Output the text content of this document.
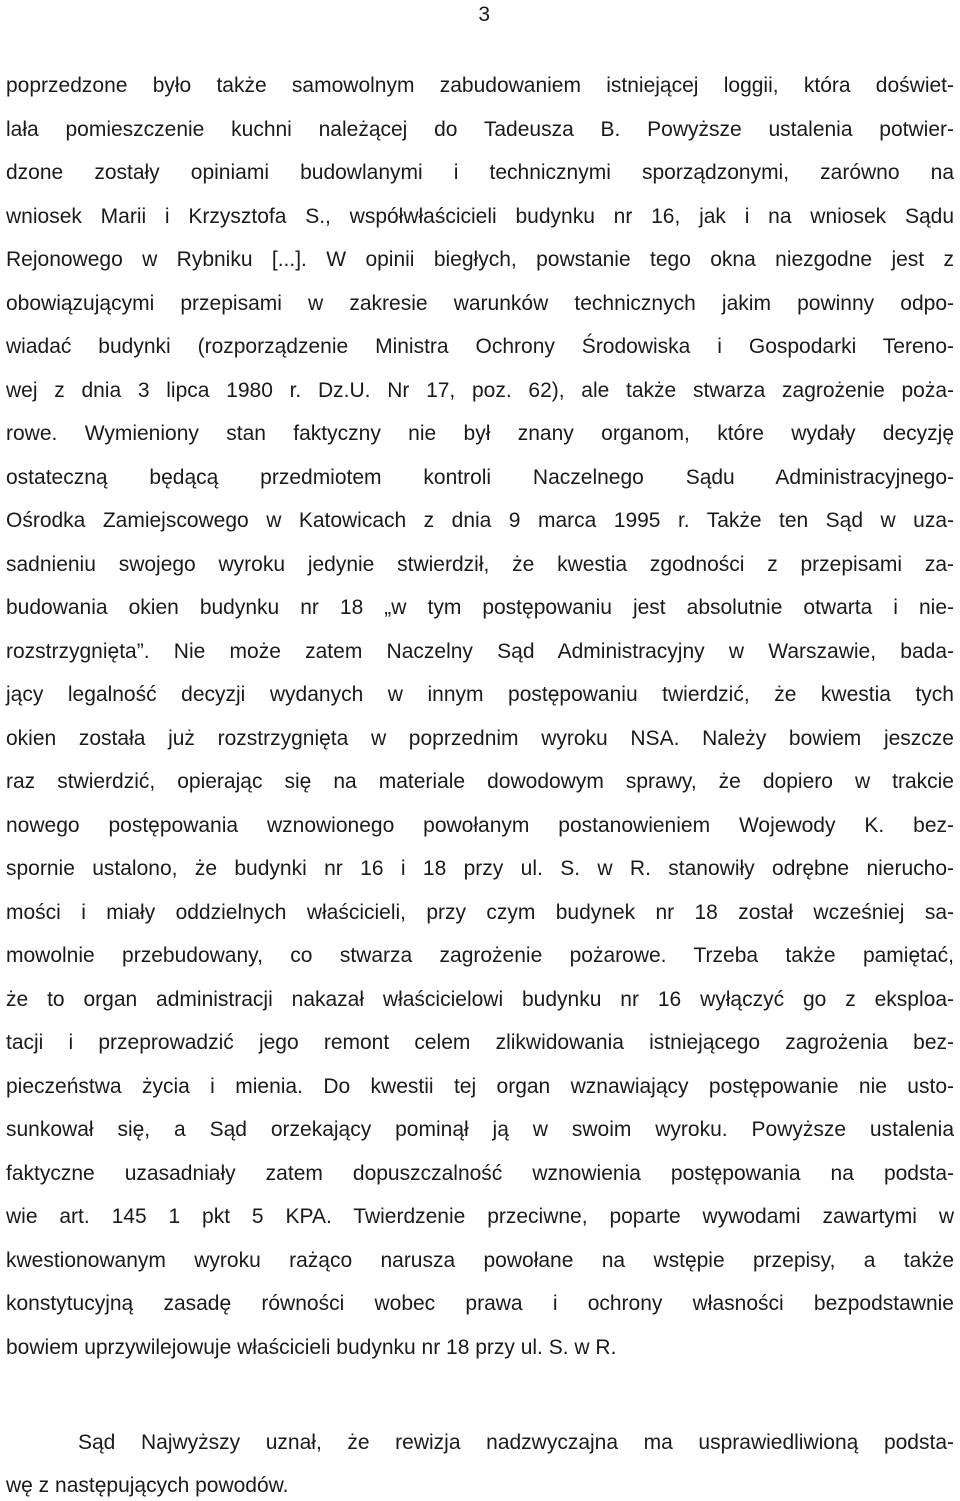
3
poprzedzone było także samowolnym zabudowaniem istniejącej loggii, która doświet-
lała pomieszczenie kuchni należącej do Tadeusza B. Powyższe ustalenia potwier-
dzone zostały opiniami budowlanymi i technicznymi sporządzonymi, zarówno na
wniosek Marii i Krzysztofa S., współwłaścicieli budynku nr 16, jak i na wniosek Sądu
Rejonowego w Rybniku [...]. W opinii biegłych, powstanie tego okna niezgodne jest z
obowiązującymi przepisami w zakresie warunków technicznych jakim powinny odpo-
wiadać budynki (rozporządzenie Ministra Ochrony Środowiska i Gospodarki Tereno-
wej z dnia 3 lipca 1980 r. Dz.U. Nr 17, poz. 62), ale także stwarza zagrożenie poża-
rowe. Wymieniony stan faktyczny nie był znany organom, które wydały decyzję
ostateczną będącą przedmiotem kontroli Naczelnego Sądu Administracyjnego-
Ośrodka Zamiejscowego w Katowicach z dnia 9 marca 1995 r. Także ten Sąd w uza-
sadnieniu swojego wyroku jedynie stwierdził, że kwestia zgodności z przepisami za-
budowania okien budynku nr 18 „w tym postępowaniu jest absolutnie otwarta i nie-
rozstrzygnięta”. Nie może zatem Naczelny Sąd Administracyjny w Warszawie, bada-
jący legalność decyzji wydanych w innym postępowaniu twierdzić, że kwestia tych
okien została już rozstrzygnięta w poprzednim wyroku NSA. Należy bowiem jeszcze
raz stwierdzić, opierając się na materiale dowodowym sprawy, że dopiero w trakcie
nowego postępowania wznowionego powołanym postanowieniem Wojewody K. bez-
spornie ustalono, że budynki nr 16 i 18 przy ul. S. w R. stanowiły odrębne nierucho-
mości i miały oddzielnych właścicieli, przy czym budynek nr 18 został wcześniej sa-
mowolnie przebudowany, co stwarza zagrożenie pożarowe. Trzeba także pamiętać,
że to organ administracji nakazał właścicielowi budynku nr 16 wyłączyć go z eksploa-
tacji i przeprowadzić jego remont celem zlikwidowania istniejącego zagrożenia bez-
pieczeństwa życia i mienia. Do kwestii tej organ wznawiający postępowanie nie usto-
sunkował się, a Sąd orzekający pominął ją w swoim wyroku. Powyższe ustalenia
faktyczne uzasadniały zatem dopuszczalność wznowienia postępowania na podsta-
wie art. 145 1 pkt 5 KPA. Twierdzenie przeciwne, poparte wywodami zawartymi w
kwestionowanym wyroku rażąco narusza powołane na wstępie przepisy, a także
konstytucyjną zasadę równości wobec prawa i ochrony własności bezpodstawnie
bowiem uprzywilejowuje właścicieli budynku nr 18 przy ul. S. w R.
Sąd Najwyższy uznał, że rewizja nadzwyczajna ma usprawiedliwioną podsta-
wę z następujących powodów.
